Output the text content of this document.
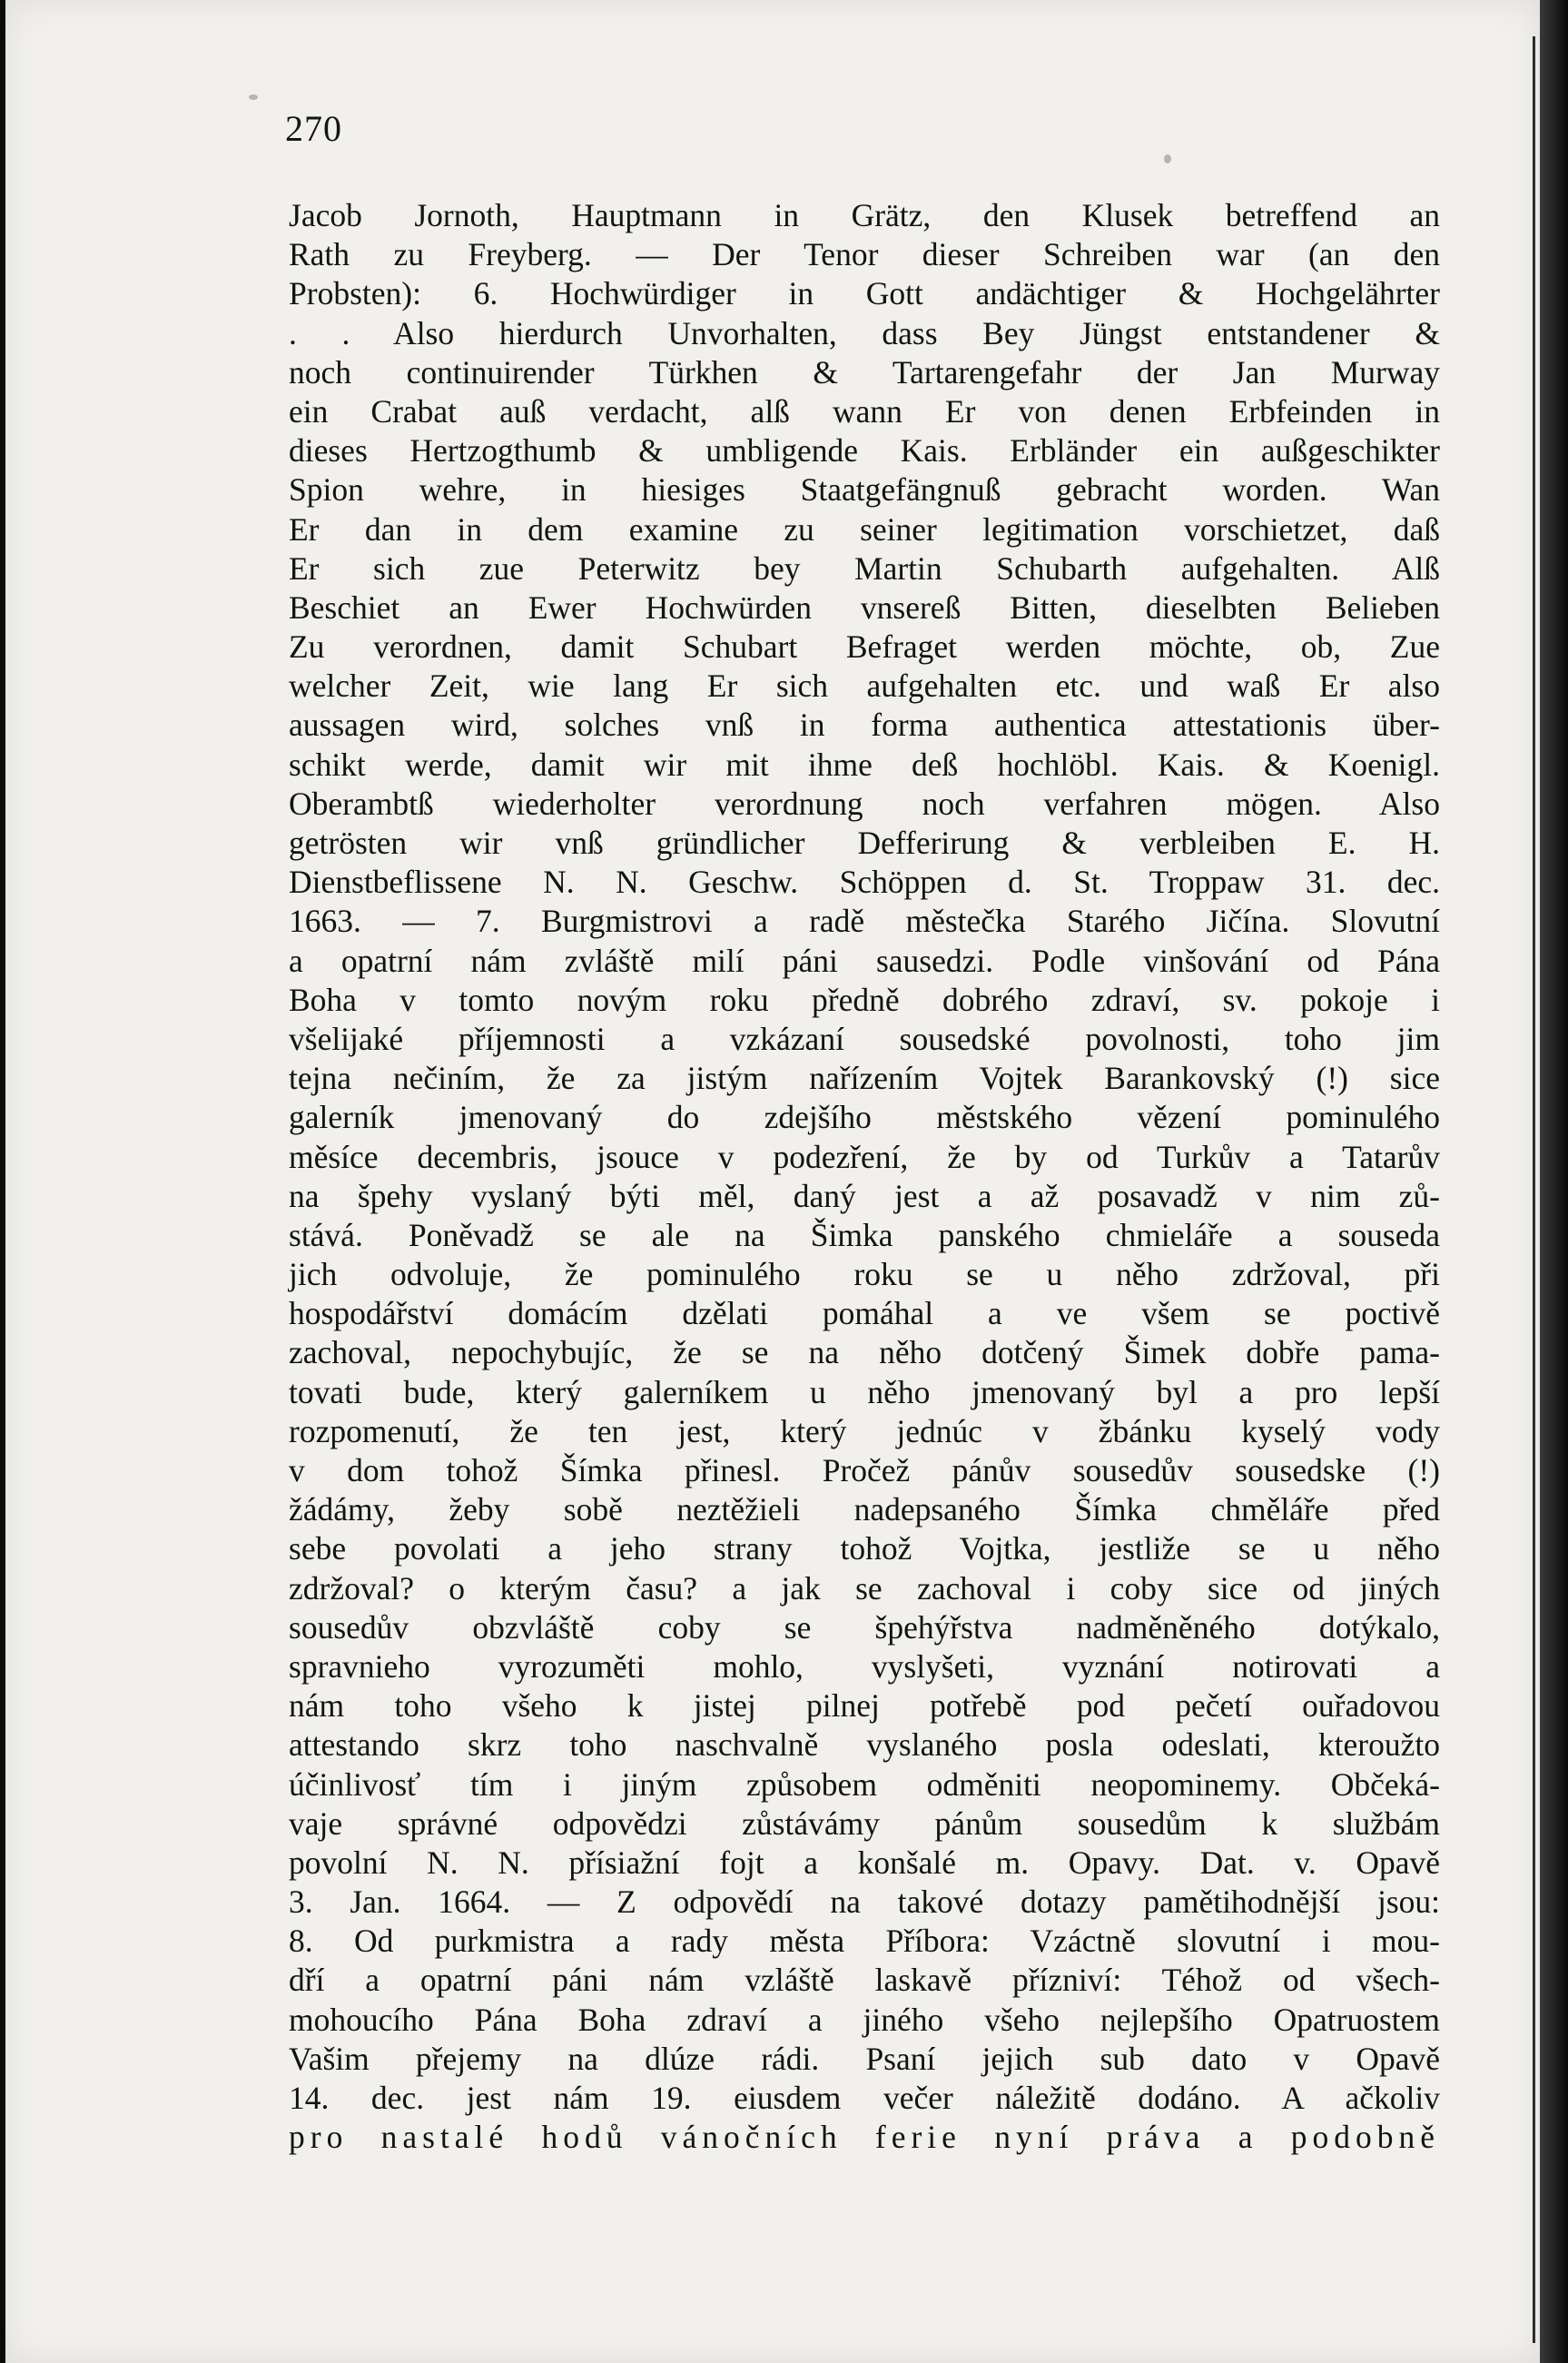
270
Jacob Jornoth, Hauptmann in Grätz, den Klusek betreffend an
Rath zu Freyberg. — Der Tenor dieser Schreiben war (an den
Probsten): 6. Hochwürdiger in Gott andächtiger & Hochgelährter
. . Also hierdurch Unvorhalten, dass Bey Jüngst entstandener &
noch continuirender Türkhen & Tartarengefahr der Jan Murway
ein Crabat auß verdacht, alß wann Er von denen Erbfeinden in
dieses Hertzogthumb & umbligende Kais. Erbländer ein außgeschikter
Spion wehre, in hiesiges Staatgefängnuß gebracht worden. Wan
Er dan in dem examine zu seiner legitimation vorschietzet, daß
Er sich zue Peterwitz bey Martin Schubarth aufgehalten. Alß
Beschiet an Ewer Hochwürden vnsereß Bitten, dieselbten Belieben
Zu verordnen, damit Schubart Befraget werden möchte, ob, Zue
welcher Zeit, wie lang Er sich aufgehalten etc. und waß Er also
aussagen wird, solches vnß in forma authentica attestationis über-
schikt werde, damit wir mit ihme deß hochlöbl. Kais. & Koenigl.
Oberambtß wiederholter verordnung noch verfahren mögen. Also
getrösten wir vnß gründlicher Defferirung & verbleiben E. H.
Dienstbeflissene N. N. Geschw. Schöppen d. St. Troppaw 31. dec.
1663. — 7. Burgmistrovi a radě městečka Starého Jičína. Slovutní
a opatrní nám zvláště milí páni sausedzi. Podle vinšování od Pána
Boha v tomto novým roku předně dobrého zdraví, sv. pokoje i
všelijaké příjemnosti a vzkázaní sousedské povolnosti, toho jim
tejna nečiním, že za jistým nařízením Vojtek Barankovský (!) sice
galerník jmenovaný do zdejšího městského vězení pominulého
měsíce decembris, jsouce v podezření, že by od Turkův a Tatarův
na špehy vyslaný býti měl, daný jest a až posavadž v nim zů-
stává. Poněvadž se ale na Šimka panského chmieláře a souseda
jich odvoluje, že pominulého roku se u něho zdržoval, při
hospodářství domácím dzělati pomáhal a ve všem se poctivě
zachoval, nepochybujíc, že se na něho dotčený Šimek dobře pama-
tovati bude, který galerníkem u něho jmenovaný byl a pro lepší
rozpomenutí, že ten jest, který jednúc v žbánku kyselý vody
v dom tohož Šímka přinesl. Pročež pánův sousedův sousedske (!)
žádámy, žeby sobě neztěžieli nadepsaného Šímka chměláře před
sebe povolati a jeho strany tohož Vojtka, jestliže se u něho
zdržoval? o kterým času? a jak se zachoval i coby sice od jiných
sousedův obzvláště coby se špehýřstva nadměněného dotýkalo,
spravnieho vyrozuměti mohlo, vyslyšeti, vyznání notirovati a
nám toho všeho k jistej pilnej potřebě pod pečetí ouřadovou
attestando skrz toho naschvalně vyslaného posla odeslati, kteroužto
účinlivosť tím i jiným způsobem odměniti neopominemy. Občeká-
vaje správné odpovědzi zůstávámy pánům sousedům k službám
povolní N. N. přísiažní fojt a konšalé m. Opavy. Dat. v. Opavě
3. Jan. 1664. — Z odpovědí na takové dotazy pamětihodnější jsou:
8. Od purkmistra a rady města Příbora: Vzáctně slovutní i mou-
dří a opatrní páni nám vzláště laskavě přízniví: Téhož od všech-
mohoucího Pána Boha zdraví a jiného všeho nejlepšího Opatruostem
Vašim přejemy na dlúze rádi. Psaní jejich sub dato v Opavě
14. dec. jest nám 19. eiusdem večer náležitě dodáno. A ačkoliv
pro nastalé hodů vánočních ferie nyní práva a podobně
